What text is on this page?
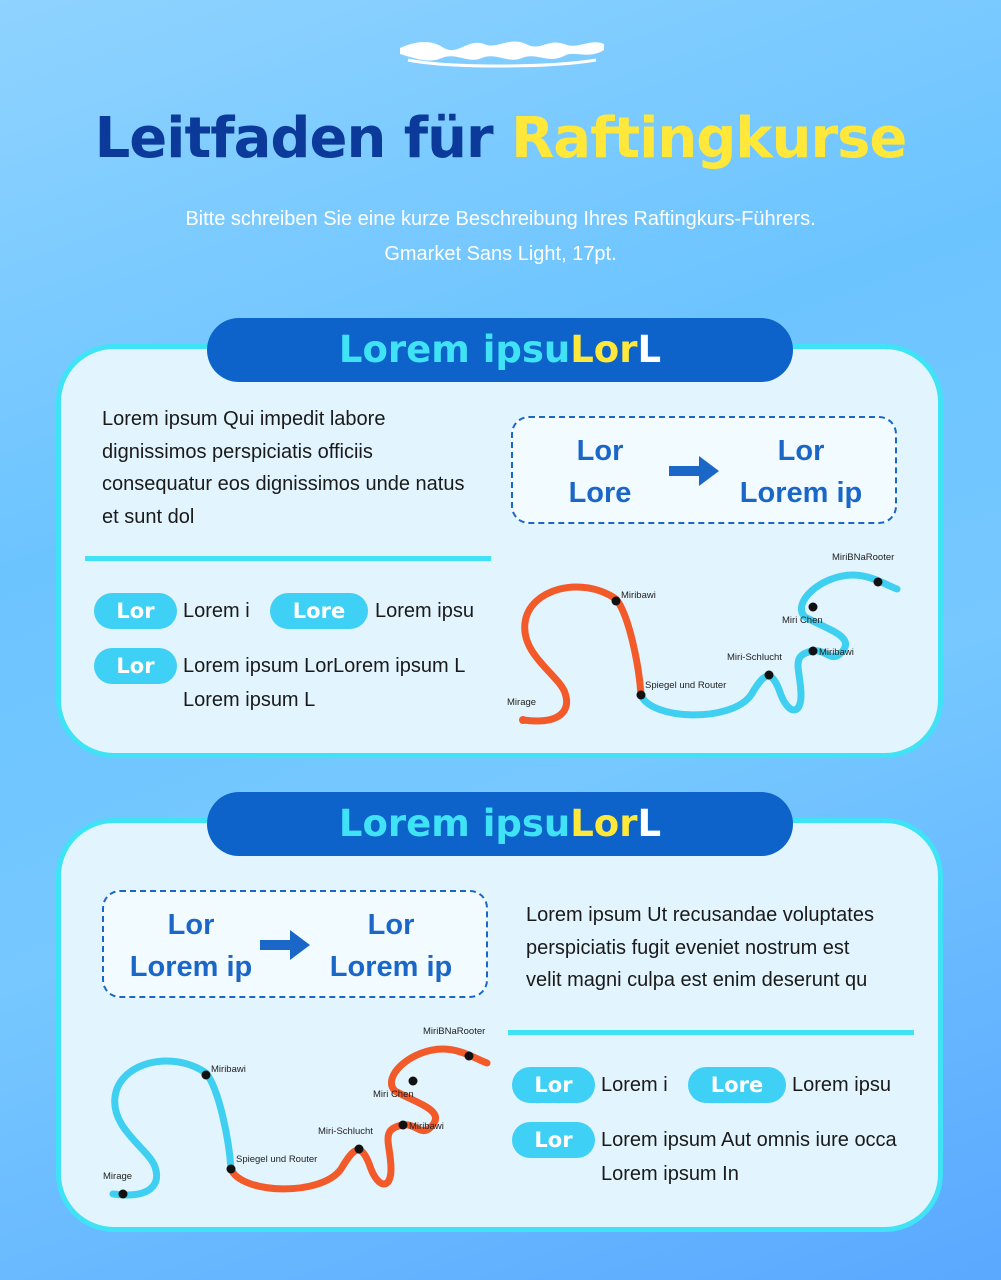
Leitfaden für Raftingkurse
Bitte schreiben Sie eine kurze Beschreibung Ihres Raftingkurs-Führers.
Gmarket Sans Light, 17pt.
Lorem ipsum Qui impedit labore
dignissimos perspiciatis officiis
consequatur eos dignissimos unde natus
et sunt dol
Lor
Lore
Lor
Lorem ip
Lor	Lorem i	Lore	Lorem ipsu
Lor	Lorem ipsum LorLorem ipsum L
Lorem ipsum L	Mirage
Miribawi
Spiegel und Router
Miri-Schlucht	Miribawi
Miri Chen
MiriBNaRooter
Lorem ipsuLorL
Lor
Lorem ip
Lor
Lorem ip
Lorem ipsum Ut recusandae voluptates
perspiciatis fugit eveniet nostrum est
velit magni culpa est enim deserunt qu
Lor	Lorem i	Lore	Lorem ipsu
Lor	Lorem ipsum Aut omnis iure occa
Lorem ipsum In
Mirage
Miribawi
Spiegel und Router
Miri-Schlucht	Miribawi
Miri Chen
MiriBNaRooter
Lorem ipsuLorL
